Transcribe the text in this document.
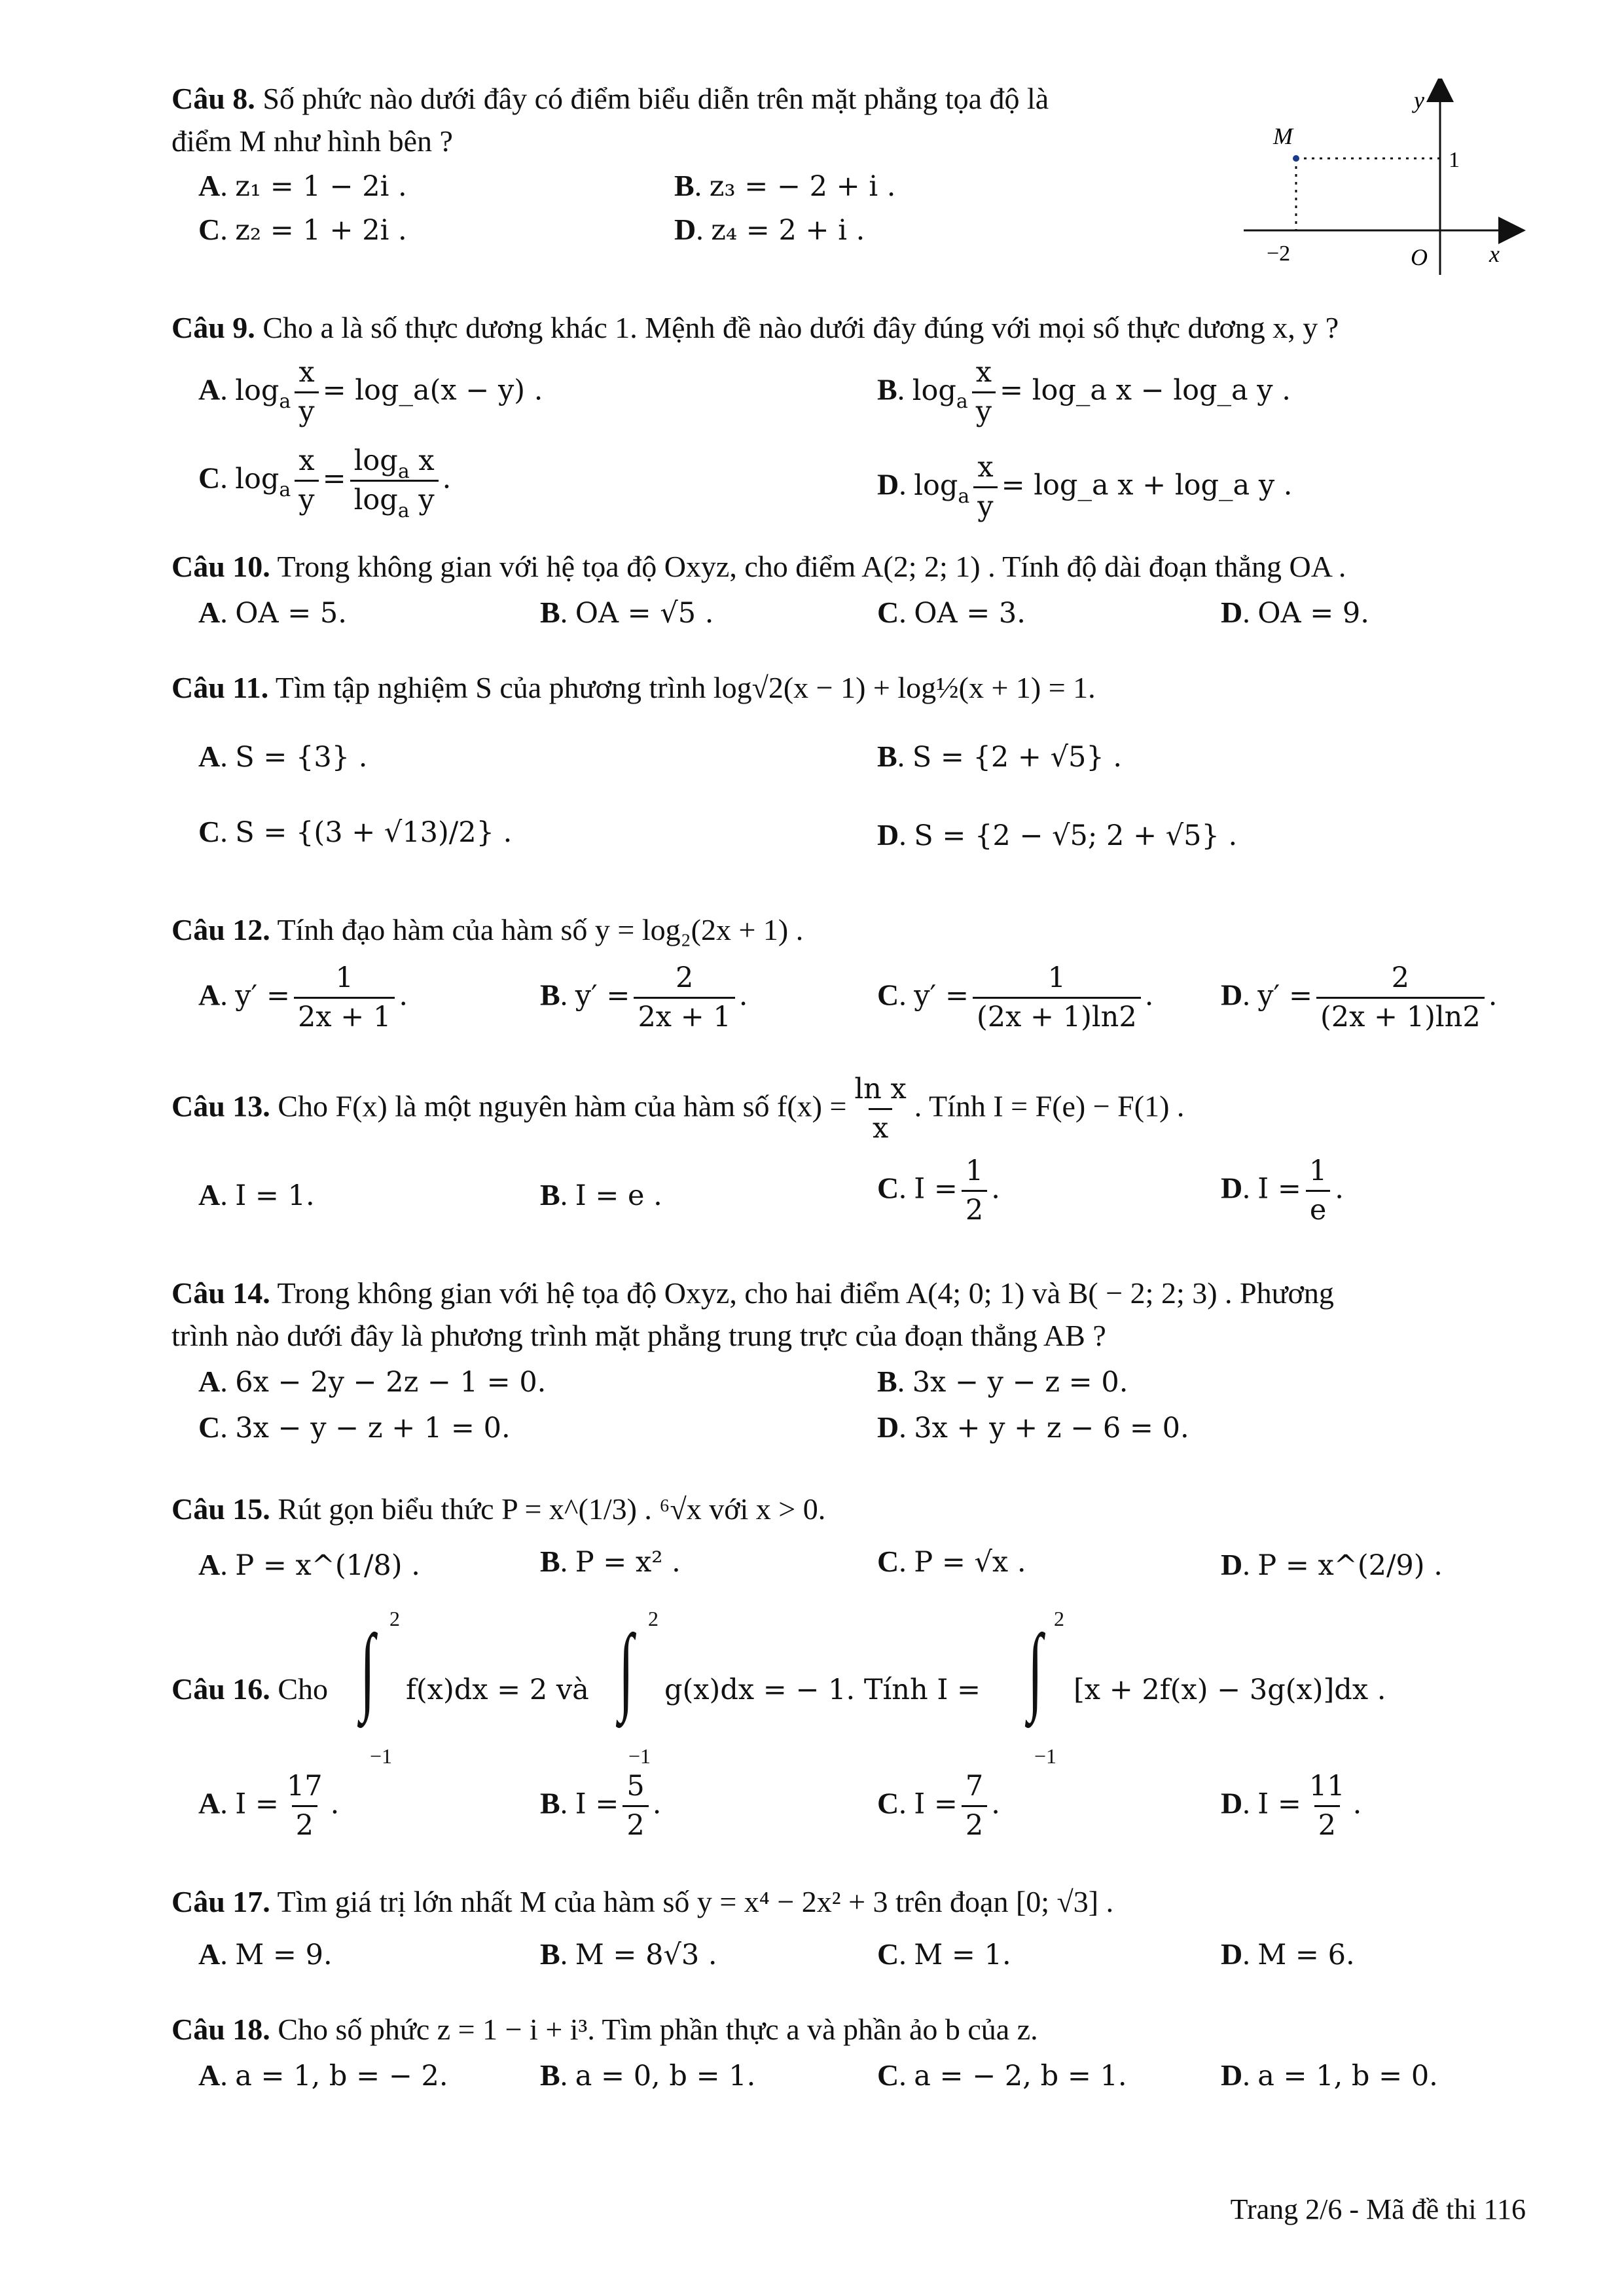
Câu 8. Số phức nào dưới đây có điểm biểu diễn trên mặt phẳng tọa độ là
điểm M như hình bên ?
A. z₁ = 1 − 2i .	B. z₃ = − 2 + i .
C. z₂ = 1 + 2i .	D. z₄ = 2 + i .
y
x
O
M
−2
1
Câu 9. Cho a là số thực dương khác 1. Mệnh đề nào dưới đây đúng với mọi số thực dương x, y ?
A. $\log_a \frac{x}{y}$ = log_a(x − y) .	B. $\log_a \frac{x}{y}$ = log_a x − log_a y .
C. $\log_a \frac{x}{y} = \frac{\log_a x}{\log_a y}$ .	D. $\log_a \frac{x}{y}$ = log_a x + log_a y .
Câu 10. Trong không gian với hệ tọa độ Oxyz, cho điểm A(2; 2; 1) . Tính độ dài đoạn thẳng OA .
A. OA = 5.	B. OA = √5 .	C. OA = 3.	D. OA = 9.
Câu 11. Tìm tập nghiệm S của phương trình log√2(x − 1) + log½(x + 1) = 1.
A. S = {3} .	B. S = {2 + √5} .
C. S = {(3 + √13)/2} .	D. S = {2 − √5; 2 + √5} .
Câu 12. Tính đạo hàm của hàm số y = log₂(2x + 1) .
A. $y' = \frac{1}{2x + 1}$ .	B. $y' = \frac{2}{2x + 1}$ .	C. $y' = \frac{1}{(2x + 1)\ln 2}$ . D. $y' = \frac{2}{(2x + 1)\ln 2}$ .
Câu 13. Cho F(x) là một nguyên hàm của hàm số $f(x) = \frac{\text{ln x}}{x}$ . Tính I = F(e) − F(1) .
A. I = 1.	B. I = e .	C. $I = \frac{1}{2}$ .	D. $I = \frac{1}{e}$ .
Câu 14. Trong không gian với hệ tọa độ Oxyz, cho hai điểm A(4; 0; 1) và B( − 2; 2; 3) . Phương
trình nào dưới đây là phương trình mặt phẳng trung trực của đoạn thẳng AB ?
A. 6x − 2y − 2z − 1 = 0.	B. 3x − y − z = 0.
C. 3x − y − z + 1 = 0.	D. 3x + y + z − 6 = 0.
Câu 15. Rút gọn biểu thức P = x^(1/3) . ⁶√x với x > 0.
A. P = x^(1/8) .	B. P = x² .	C. P = √x .	D. P = x^(2/9) .
Câu 16. Cho ∫ 2
−1
f(x)dx = 2 và ∫ 2
−1
g(x)dx = − 1. Tính I = ∫ 2
−1
[x + 2f(x) − 3g(x)]dx .
A. $I = \frac{17}{2}$ .	B. $I = \frac{5}{2}$ .	C. $I = \frac{7}{2}$ .	D. $I = \frac{11}{2}$ .
Câu 17. Tìm giá trị lớn nhất M của hàm số y = x⁴ − 2x² + 3 trên đoạn [0; √3] .
A. M = 9.	B. M = 8√3 .	C. M = 1.	D. M = 6.
Câu 18. Cho số phức z = 1 − i + i³. Tìm phần thực a và phần ảo b của z.
A. a = 1, b = − 2.	B. a = 0, b = 1.	C. a = − 2, b = 1.	D. a = 1, b = 0.
Trang 2/6 - Mã đề thi 116
